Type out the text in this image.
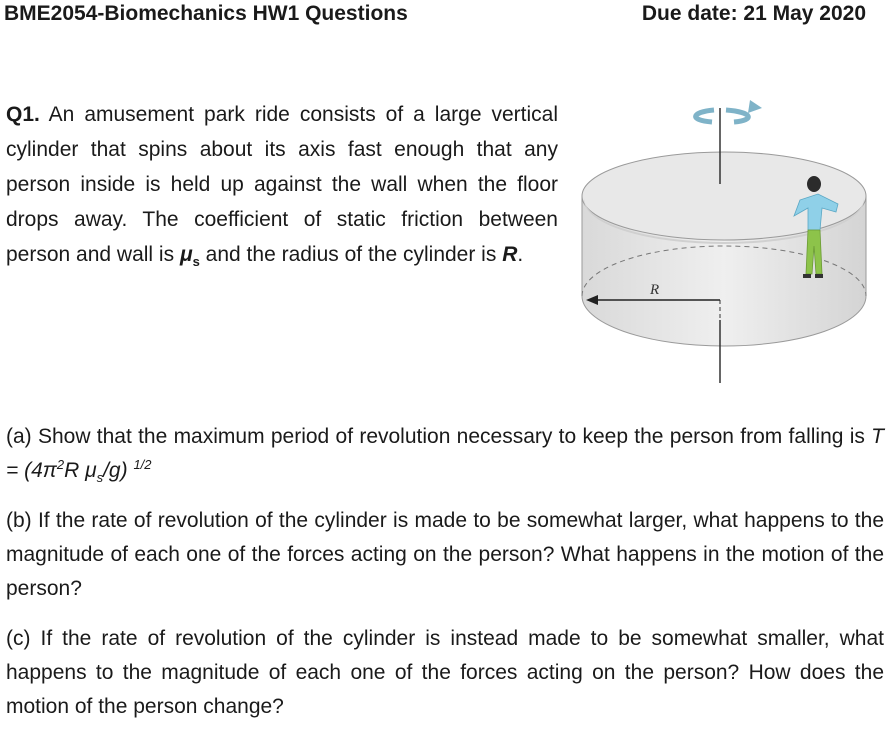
BME2054-Biomechanics HW1 Questions	Due date: 21 May 2020
Q1. An amusement park ride consists of a large vertical cylinder that spins about its axis fast enough that any person inside is held up against the wall when the floor drops away. The coefficient of static friction between person and wall is $\mu_s$ and the radius of the cylinder is R.
R

(a) Show that the maximum period of revolution necessary to keep the person from falling is $T = (4\pi^2R$ $\mu_s/g$) $^{1/2}$

(b) If the rate of revolution of the cylinder is made to be somewhat larger, what happens to the magnitude of each one of the forces acting on the person? What happens in the motion of the person?

(c) If the rate of revolution of the cylinder is instead made to be somewhat smaller, what happens to the magnitude of each one of the forces acting on the person? How does the motion of the person change?
